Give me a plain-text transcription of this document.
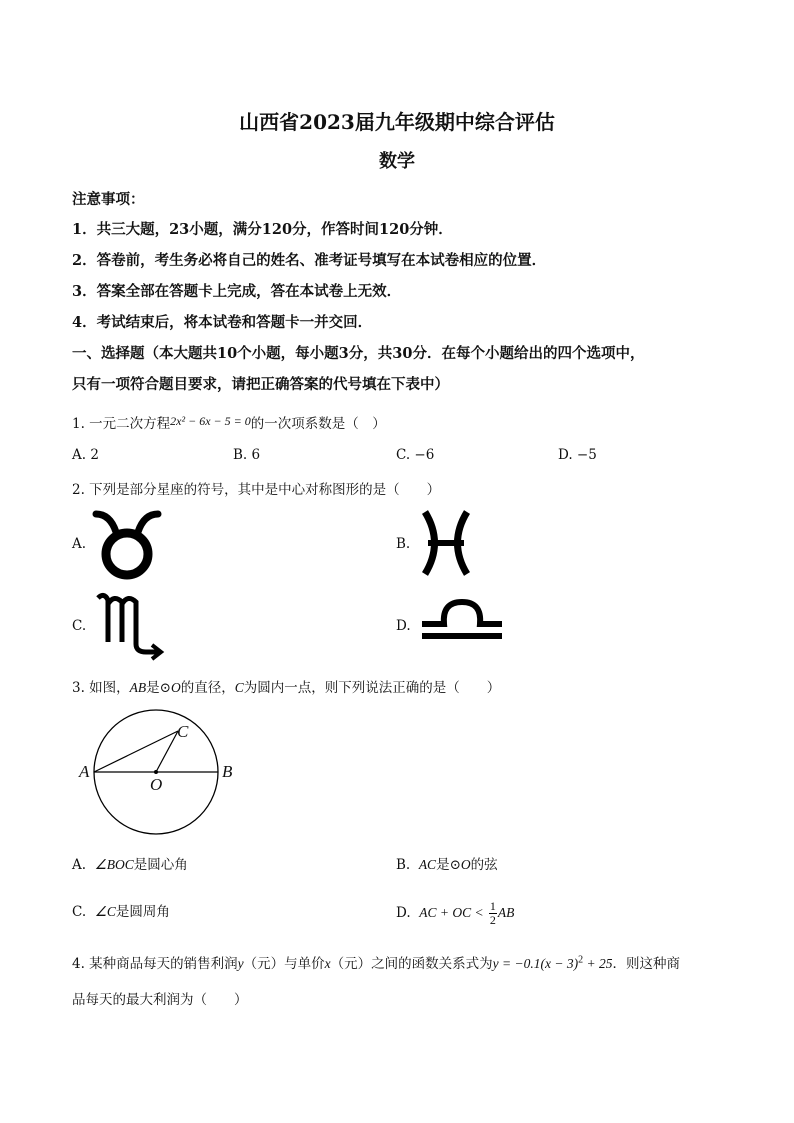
山西省2023届九年级期中综合评估
数学
注意事项：
1．共三大题，23小题，满分120分，作答时间120分钟．
2．答卷前，考生务必将自己的姓名、准考证号填写在本试卷相应的位置．
3．答案全部在答题卡上完成，答在本试卷上无效．
4．考试结束后，将本试卷和答题卡一并交回．
一、选择题（本大题共10个小题，每小题3分，共30分．在每个小题给出的四个选项中，
只有一项符合题目要求，请把正确答案的代号填在下表中）
1. 一元二次方程2x² − 6x − 5 = 0的一次项系数是（　）
A. 2	B. 6	C. −6	D. −5
2. 下列是部分星座的符号，其中是中心对称图形的是（　　）
A.	B.
C.	D.
3. 如图，AB是⊙O的直径，C为圆内一点，则下列说法正确的是（　　）
A	B
C
O
A. ∠BOC是圆心角	B. AC是⊙O的弦
C. ∠C是圆周角	D. AC + OC < $\frac{1}{2}$ AB
4. 某种商品每天的销售利润y（元）与单价x（元）之间的函数关系式为$y = -0.1(x - 3)^2 + 25$．则这种商
品每天的最大利润为（　　）
